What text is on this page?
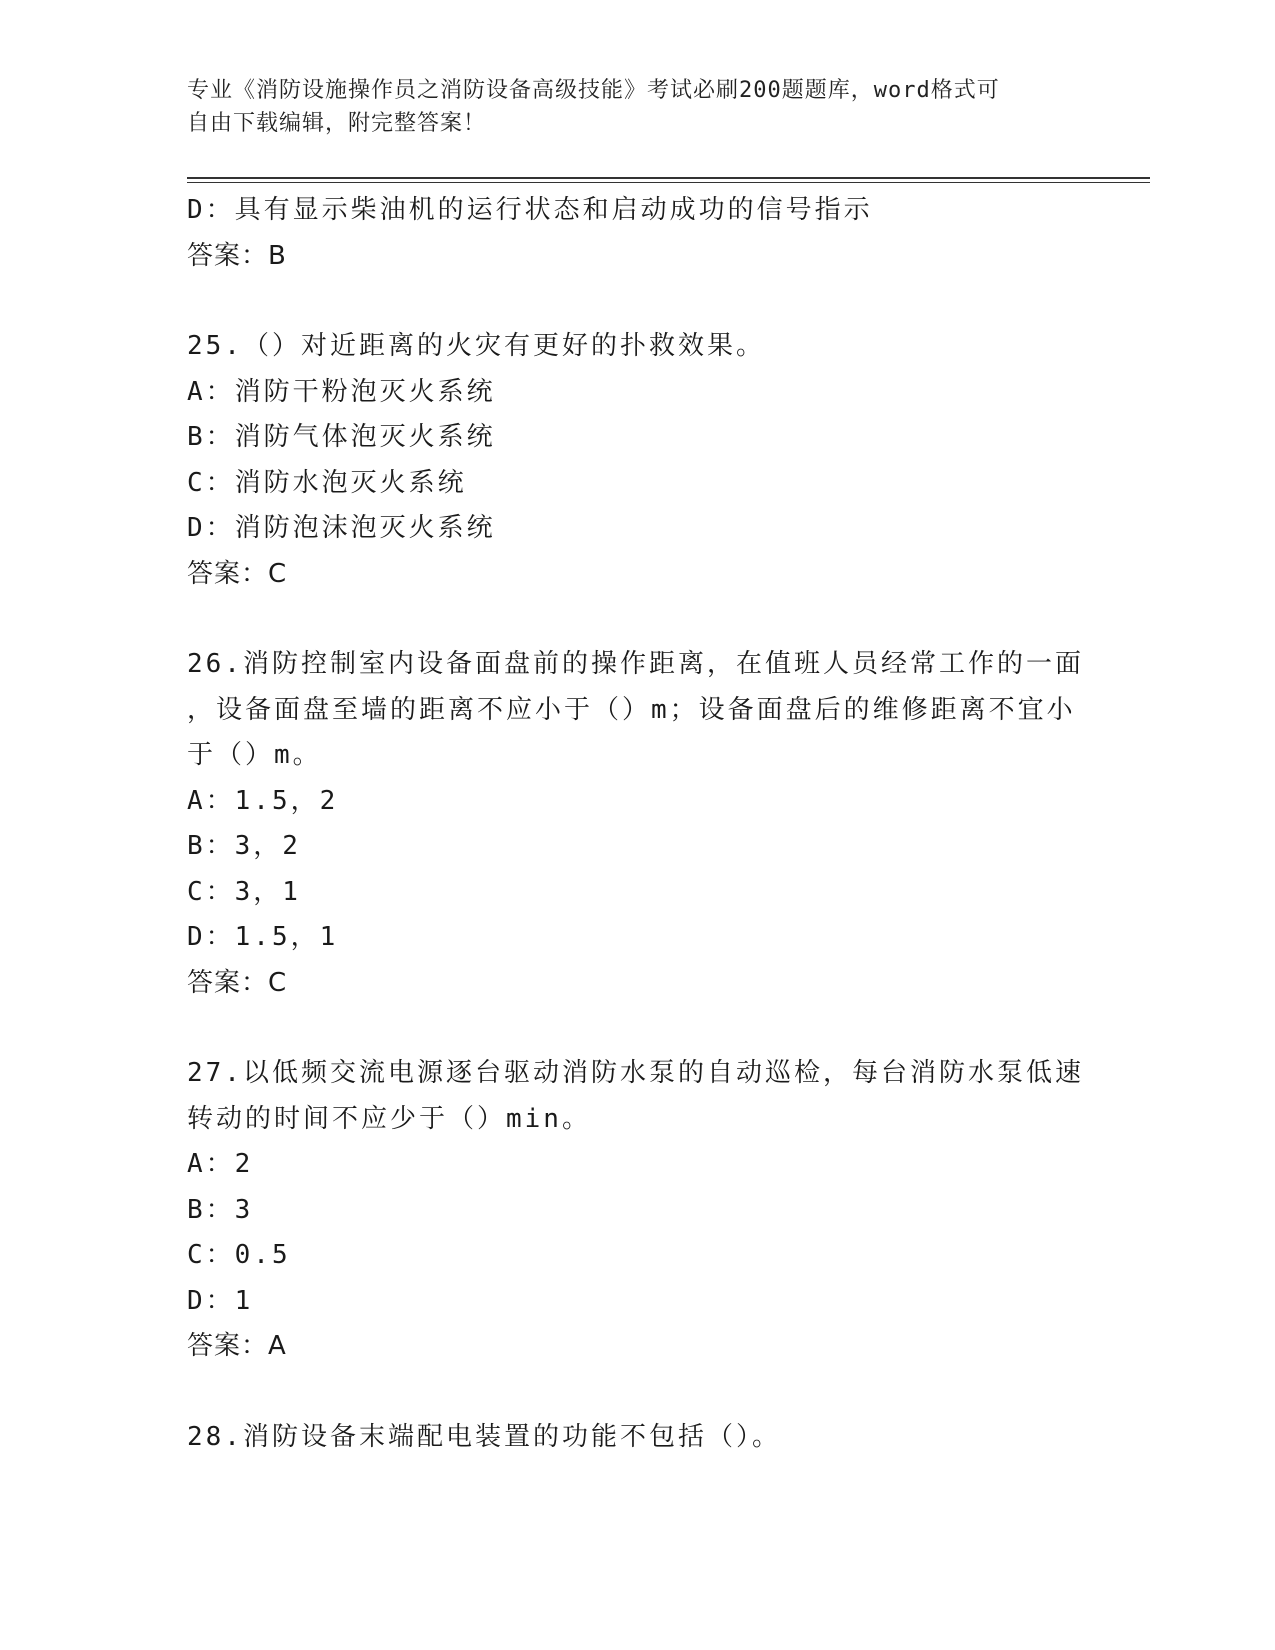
专业《消防设施操作员之消防设备高级技能》考试必刷200题题库，word格式可
自由下载编辑，附完整答案！
D：具有显示柴油机的运行状态和启动成功的信号指示
答案：B
25.（）对近距离的火灾有更好的扑救效果。
A：消防干粉泡灭火系统
B：消防气体泡灭火系统
C：消防水泡灭火系统
D：消防泡沫泡灭火系统
答案：C
26.消防控制室内设备面盘前的操作距离，在值班人员经常工作的一面
，设备面盘至墙的距离不应小于（）m；设备面盘后的维修距离不宜小
于（）m。
A：1.5，2
B：3，2
C：3，1
D：1.5，1
答案：C
27.以低频交流电源逐台驱动消防水泵的自动巡检，每台消防水泵低速
转动的时间不应少于（）min。
A：2
B：3
C：0.5
D：1
答案：A
28.消防设备末端配电装置的功能不包括（）。
